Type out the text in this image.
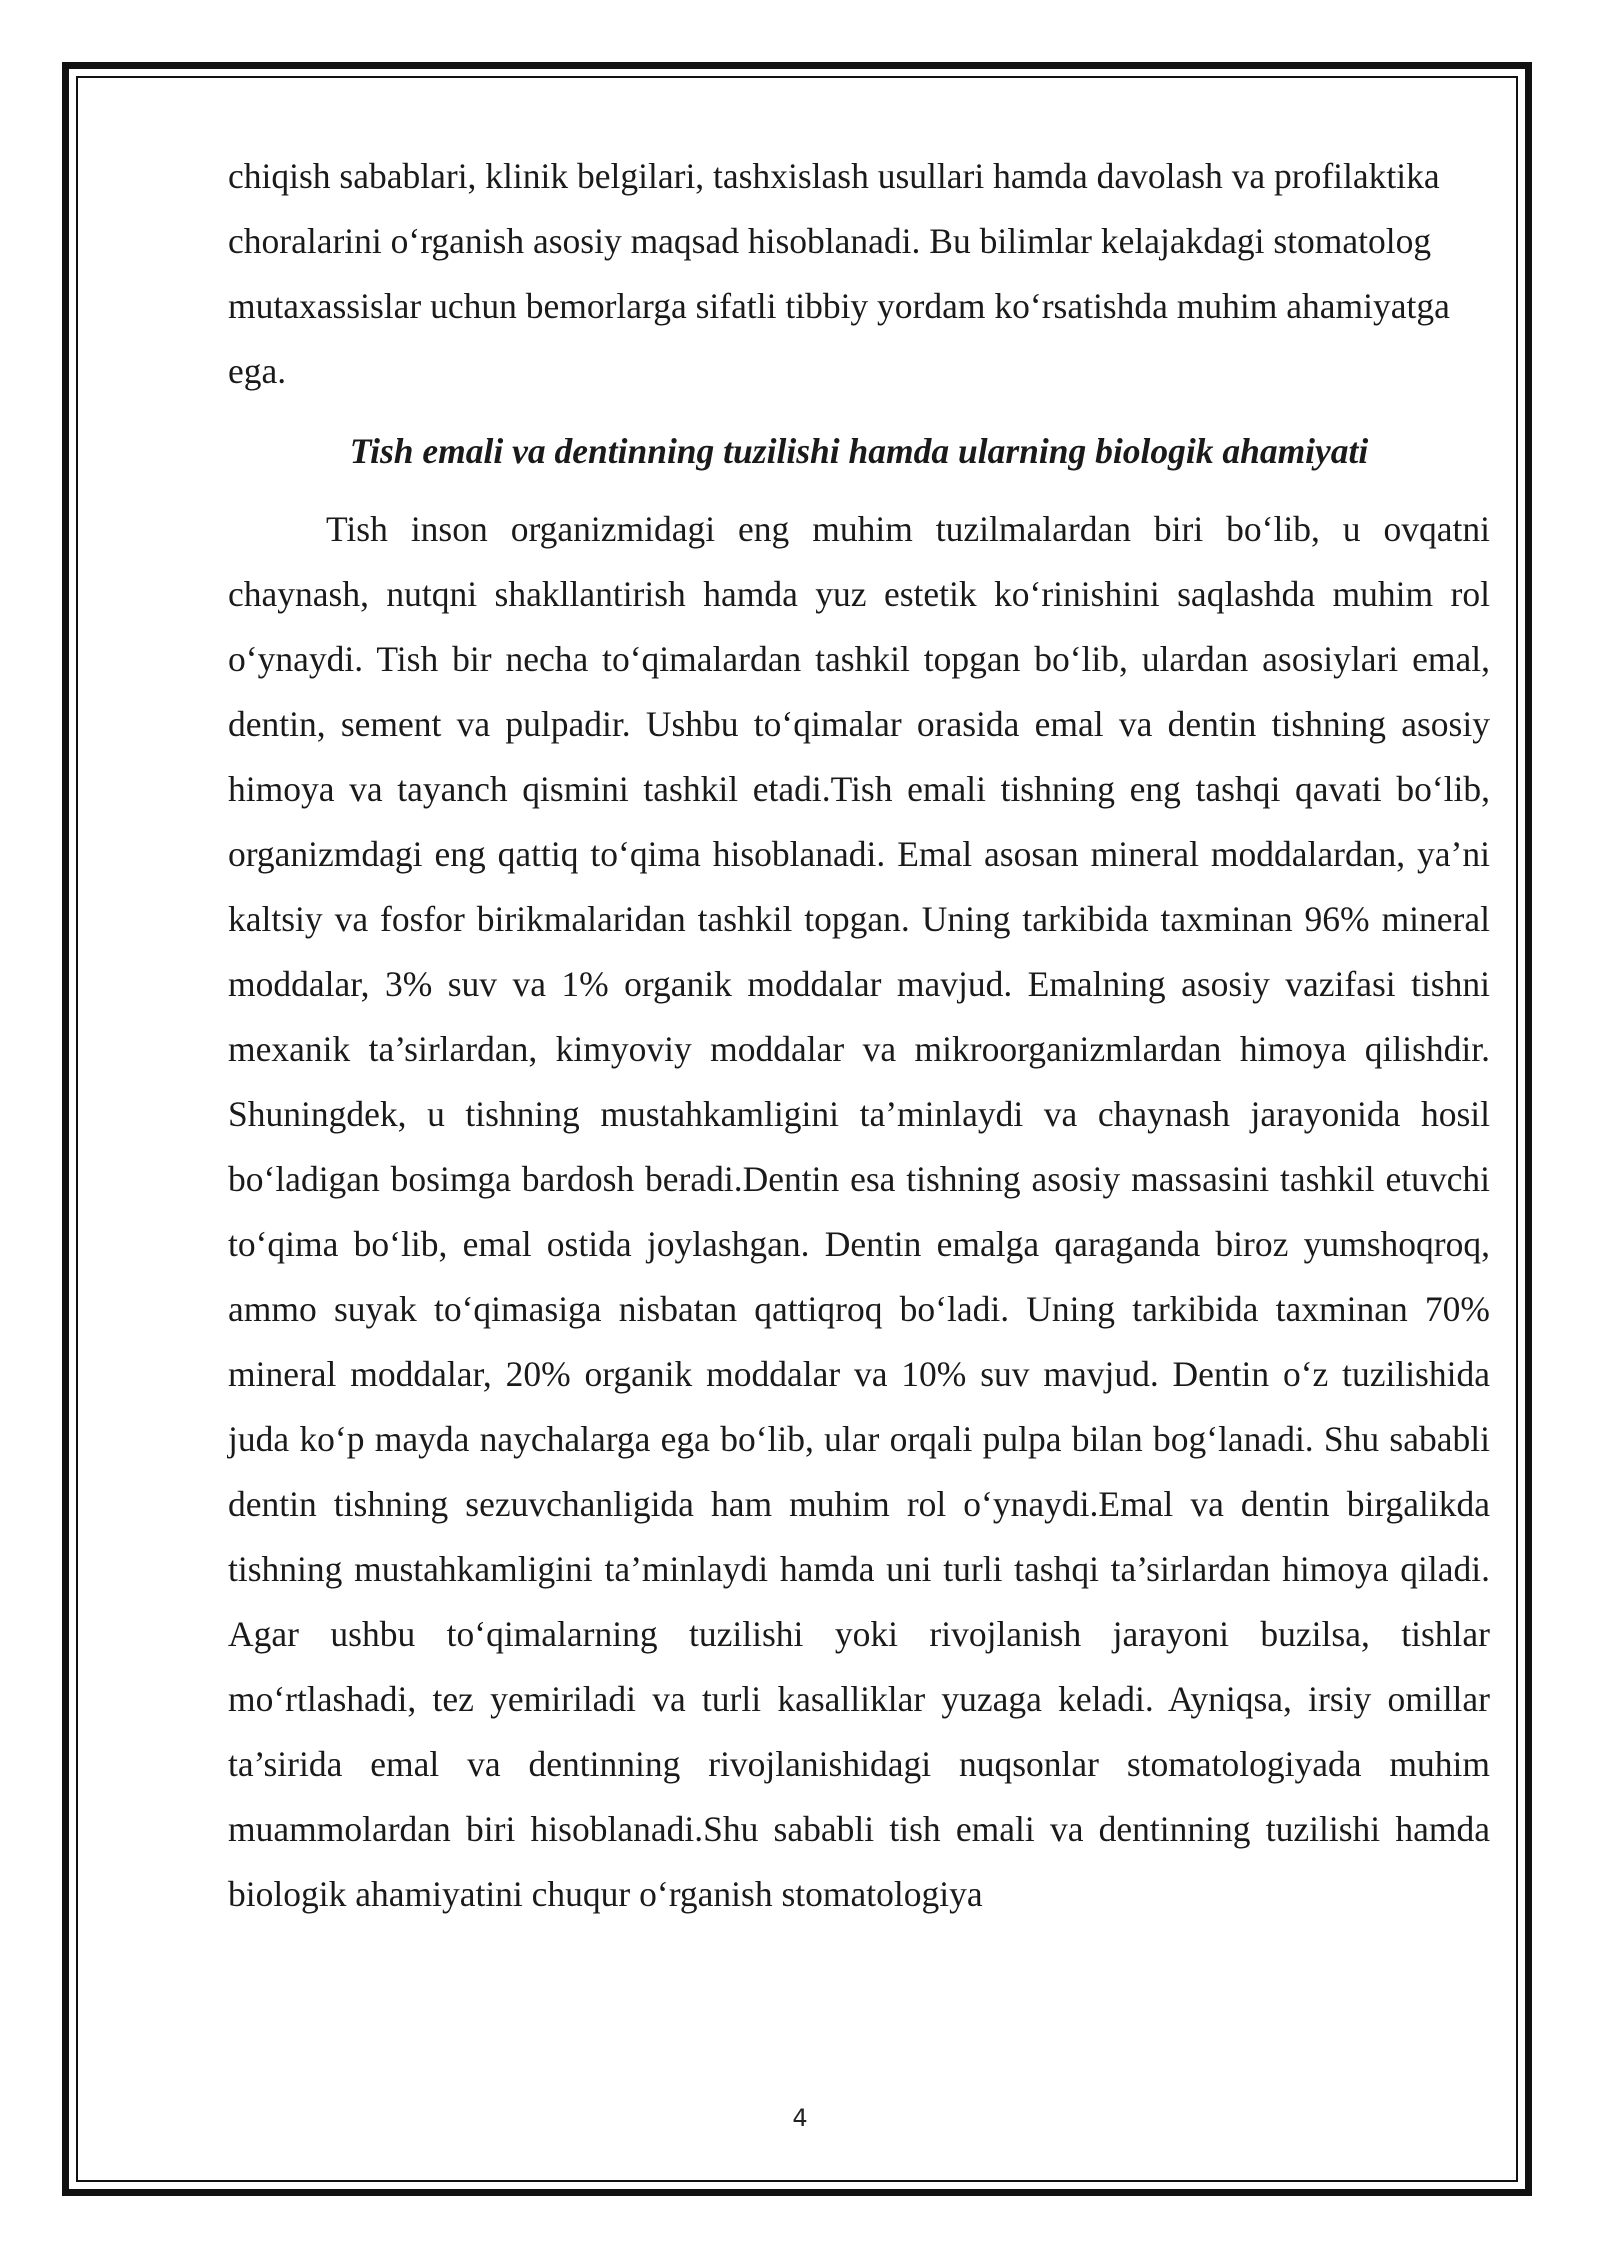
chiqish sabablari, klinik belgilari, tashxislash usullari hamda davolash va profilaktika choralarini o‘rganish asosiy maqsad hisoblanadi. Bu bilimlar kelajakdagi stomatolog mutaxassislar uchun bemorlarga sifatli tibbiy yordam ko‘rsatishda muhim ahamiyatga ega.

Tish emali va dentinning tuzilishi hamda ularning biologik ahamiyati

Tish inson organizmidagi eng muhim tuzilmalardan biri bo‘lib, u ovqatni chaynash, nutqni shakllantirish hamda yuz estetik ko‘rinishini saqlashda muhim rol o‘ynaydi. Tish bir necha to‘qimalardan tashkil topgan bo‘lib, ulardan asosiylari emal, dentin, sement va pulpadir. Ushbu to‘qimalar orasida emal va dentin tishning asosiy himoya va tayanch qismini tashkil etadi.Tish emali tishning eng tashqi qavati bo‘lib, organizmdagi eng qattiq to‘qima hisoblanadi. Emal asosan mineral moddalardan, ya’ni kaltsiy va fosfor birikmalaridan tashkil topgan. Uning tarkibida taxminan 96% mineral moddalar, 3% suv va 1% organik moddalar mavjud. Emalning asosiy vazifasi tishni mexanik ta’sirlardan, kimyoviy moddalar va mikroorganizmlardan himoya qilishdir. Shuningdek, u tishning mustahkamligini ta’minlaydi va chaynash jarayonida hosil bo‘ladigan bosimga bardosh beradi.Dentin esa tishning asosiy massasini tashkil etuvchi to‘qima bo‘lib, emal ostida joylashgan. Dentin emalga qaraganda biroz yumshoqroq, ammo suyak to‘qimasiga nisbatan qattiqroq bo‘ladi. Uning tarkibida taxminan 70% mineral moddalar, 20% organik moddalar va 10% suv mavjud. Dentin o‘z tuzilishida juda ko‘p mayda naychalarga ega bo‘lib, ular orqali pulpa bilan bog‘lanadi. Shu sababli dentin tishning sezuvchanligida ham muhim rol o‘ynaydi.Emal va dentin birgalikda tishning mustahkamligini ta’minlaydi hamda uni turli tashqi ta’sirlardan himoya qiladi. Agar ushbu to‘qimalarning tuzilishi yoki rivojlanish jarayoni buzilsa, tishlar mo‘rtlashadi, tez yemiriladi va turli kasalliklar yuzaga keladi. Ayniqsa, irsiy omillar ta’sirida emal va dentinning rivojlanishidagi nuqsonlar stomatologiyada muhim muammolardan biri hisoblanadi.Shu sababli tish emali va dentinning tuzilishi hamda biologik ahamiyatini chuqur o‘rganish stomatologiya

4
